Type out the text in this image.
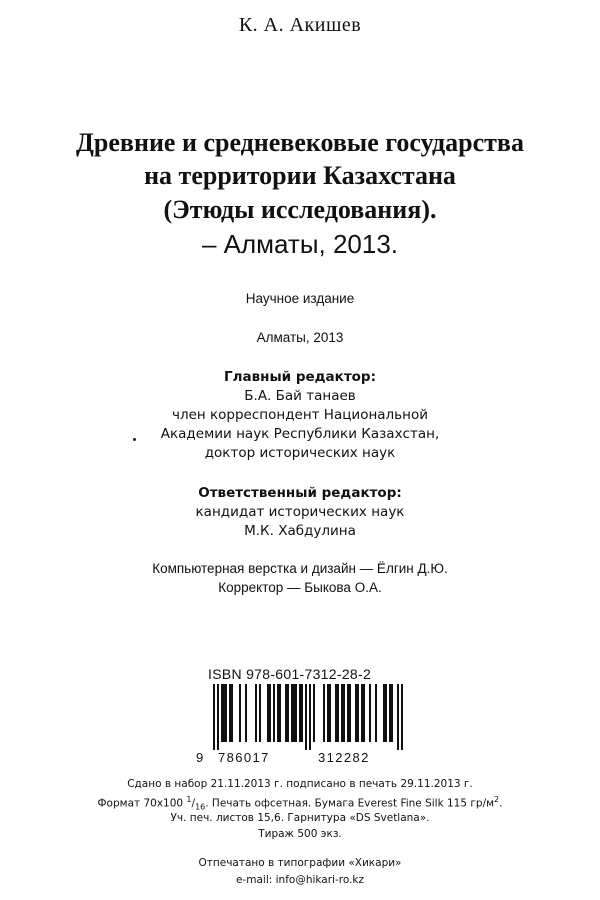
К. А. Акишев
Древние и средневековые государства
на территории Казахстана
(Этюды исследования).
– Алматы, 2013.
Научное издание
Алматы, 2013
Главный редактор:
Б.А. Бай танаев
член корреспондент Национальной
Академии наук Республики Казахстан,
доктор исторических наук
Ответственный редактор:
кандидат исторических наук
М.К. Хабдулина
Компьютерная верстка и дизайн — Ёлгин Д.Ю.
Корректор — Быкова О.А.
ISBN 978-601-7312-28-2
9 786017	312282
Сдано в набор 21.11.2013 г. подписано в печать 29.11.2013 г.
Формат 70х100 $^1/_{16}$. Печать офсетная. Бумага Everest Fine Silk 115 $гр/м^2$.
Уч. печ. листов 15,6. Гарнитура «DS Svetlana».
Тираж 500 экз.
Отпечатано в типографии «Хикари»
e-mail: info@hikari-ro.kz
